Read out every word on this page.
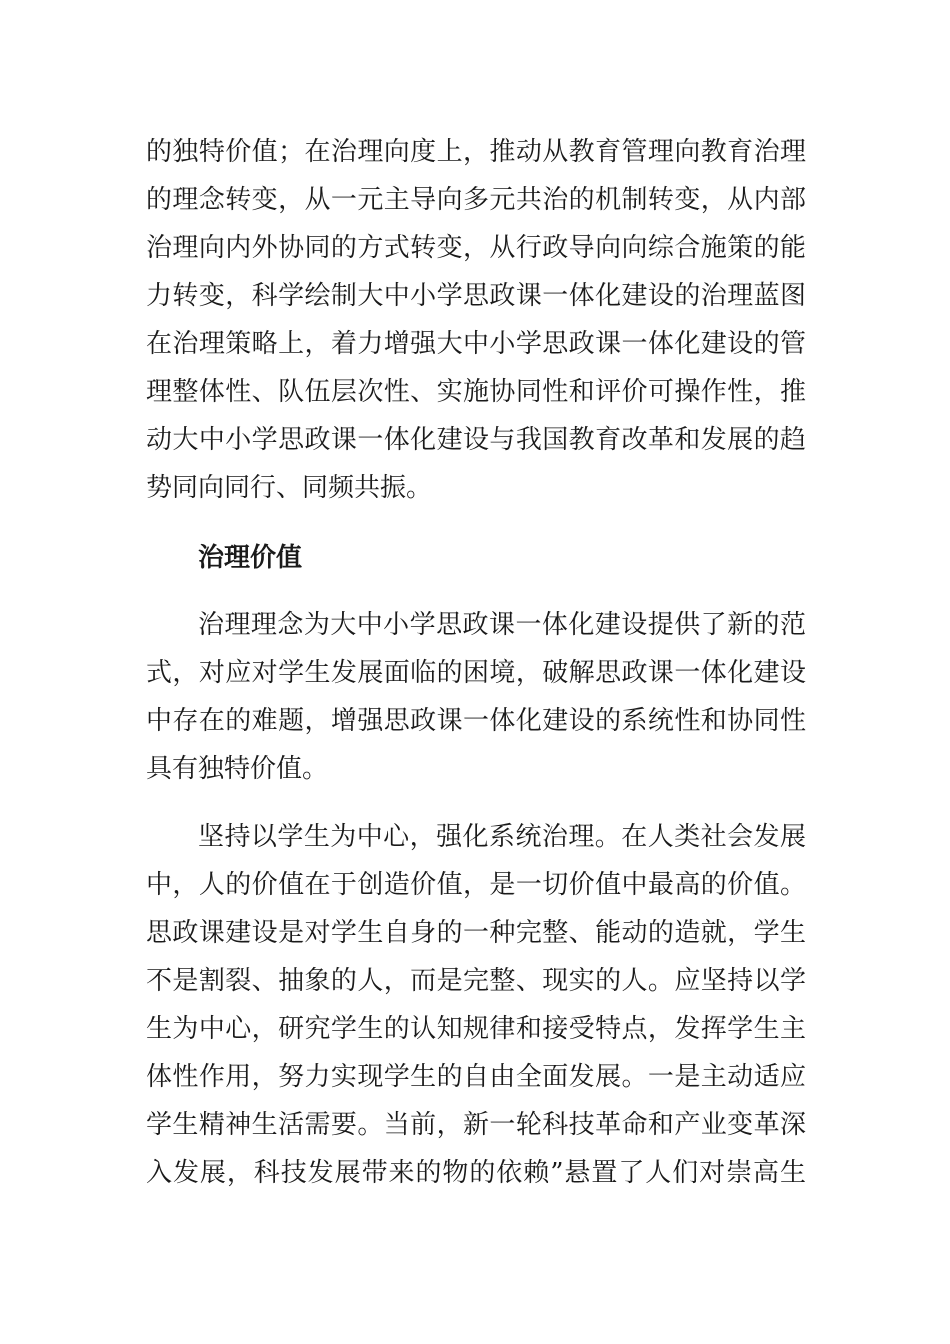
的独特价值；在治理向度上，推动从教育管理向教育治理
的理念转变，从一元主导向多元共治的机制转变，从内部
治理向内外协同的方式转变，从行政导向向综合施策的能
力转变，科学绘制大中小学思政课一体化建设的治理蓝图
在治理策略上，着力增强大中小学思政课一体化建设的管
理整体性、队伍层次性、实施协同性和评价可操作性，推
动大中小学思政课一体化建设与我国教育改革和发展的趋
势同向同行、同频共振。
治理价值
治理理念为大中小学思政课一体化建设提供了新的范
式，对应对学生发展面临的困境，破解思政课一体化建设
中存在的难题，增强思政课一体化建设的系统性和协同性
具有独特价值。
坚持以学生为中心，强化系统治理。在人类社会发展
中，人的价值在于创造价值，是一切价值中最高的价值。
思政课建设是对学生自身的一种完整、能动的造就，学生
不是割裂、抽象的人，而是完整、现实的人。应坚持以学
生为中心，研究学生的认知规律和接受特点，发挥学生主
体性作用，努力实现学生的自由全面发展。一是主动适应
学生精神生活需要。当前，新一轮科技革命和产业变革深
入发展，科技发展带来的物的依赖”悬置了人们对崇高生
